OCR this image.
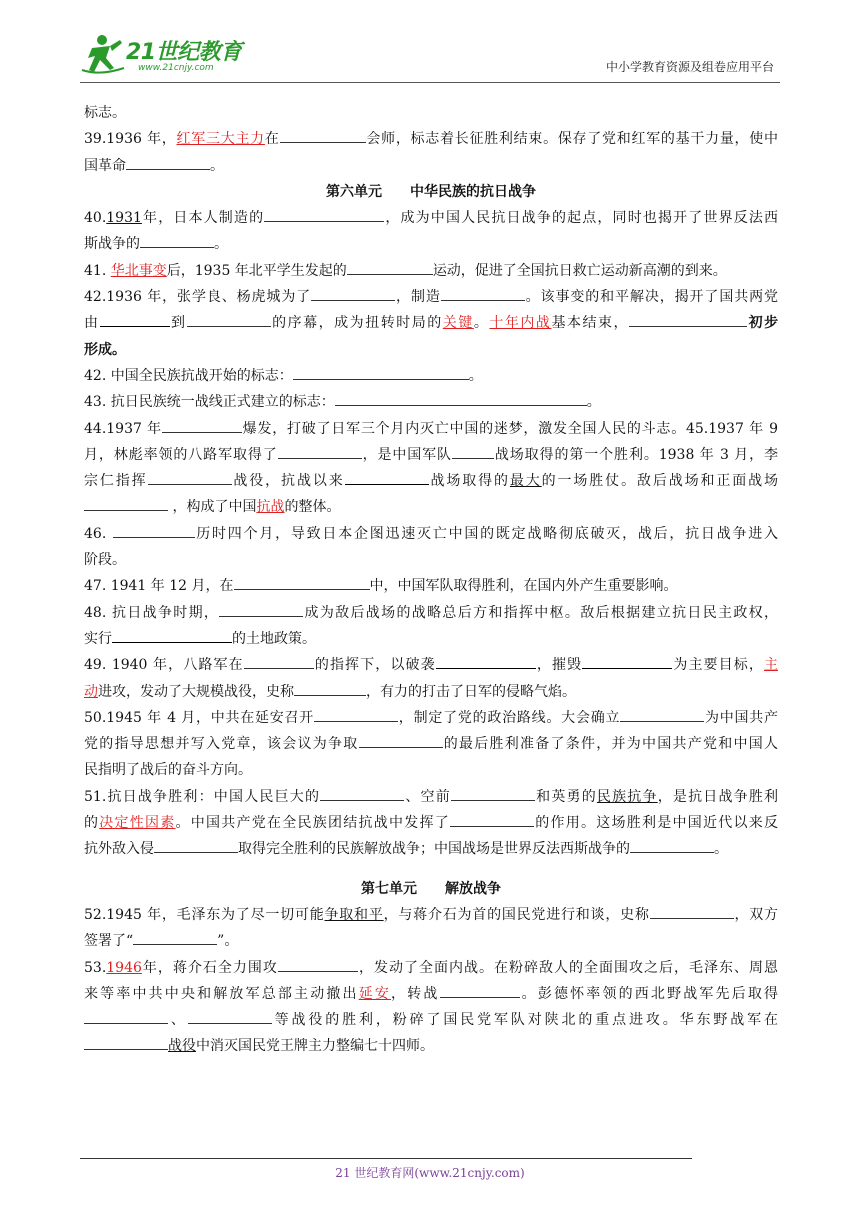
21世纪教育
www.21cnjy.com	中小学教育资源及组卷应用平台
标志。
39.1936 年，红军三大主力在	会师，标志着长征胜利结束。保存了党和红军的基干力量，使中
国革命	。
第六单元　　中华民族的抗日战争
40.1931年，日本人制造的	，成为中国人民抗日战争的起点，同时也揭开了世界反法西
斯战争的	。
41. 华北事变后，1935 年北平学生发起的	运动，促进了全国抗日救亡运动新高潮的到来。
42.1936 年，张学良、杨虎城为了	，制造	。该事变的和平解决，揭开了国共两党
由	到	的序幕，成为扭转时局的关键。十年内战基本结束，	初步
形成。
42. 中国全民族抗战开始的标志：	。
43. 抗日民族统一战线正式建立的标志：	。
44.1937 年	爆发，打破了日军三个月内灭亡中国的迷梦，激发全国人民的斗志。45.1937 年 9
月，林彪率领的八路军取得了	，是中国军队	战场取得的第一个胜利。1938 年 3 月，李
宗仁指挥	战役，抗战以来	战场取得的最大的一场胜仗。敌后战场和正面战场
，构成了中国抗战的整体。
46.	历时四个月，导致日本企图迅速灭亡中国的既定战略彻底破灭，战后，抗日战争进入
阶段。
47. 1941 年 12 月，在	中，中国军队取得胜利，在国内外产生重要影响。
48. 抗日战争时期，	成为敌后战场的战略总后方和指挥中枢。敌后根据建立抗日民主政权，
实行	的土地政策。
49. 1940 年，八路军在	的指挥下，以破袭	，摧毁	为主要目标，主
动进攻，发动了大规模战役，史称	，有力的打击了日军的侵略气焰。
50.1945 年 4 月，中共在延安召开	，制定了党的政治路线。大会确立	为中国共产
党的指导思想并写入党章，该会议为争取	的最后胜利准备了条件，并为中国共产党和中国人
民指明了战后的奋斗方向。
51.抗日战争胜利：中国人民巨大的	、空前	和英勇的民族抗争，是抗日战争胜利
的决定性因素。中国共产党在全民族团结抗战中发挥了	的作用。这场胜利是中国近代以来反
抗外敌入侵	取得完全胜利的民族解放战争；中国战场是世界反法西斯战争的	。
第七单元　　解放战争
52.1945 年，毛泽东为了尽一切可能争取和平，与蒋介石为首的国民党进行和谈，史称	，双方
签署了“	”。
53.1946年，蒋介石全力围攻	，发动了全面内战。在粉碎敌人的全面围攻之后，毛泽东、周恩
来等率中共中央和解放军总部主动撤出延安，转战	。彭德怀率领的西北野战军先后取得
、	等战役的胜利，粉碎了国民党军队对陕北的重点进攻。华东野战军在
战役中消灭国民党王牌主力整编七十四师。
21 世纪教育网(www.21cnjy.com)
